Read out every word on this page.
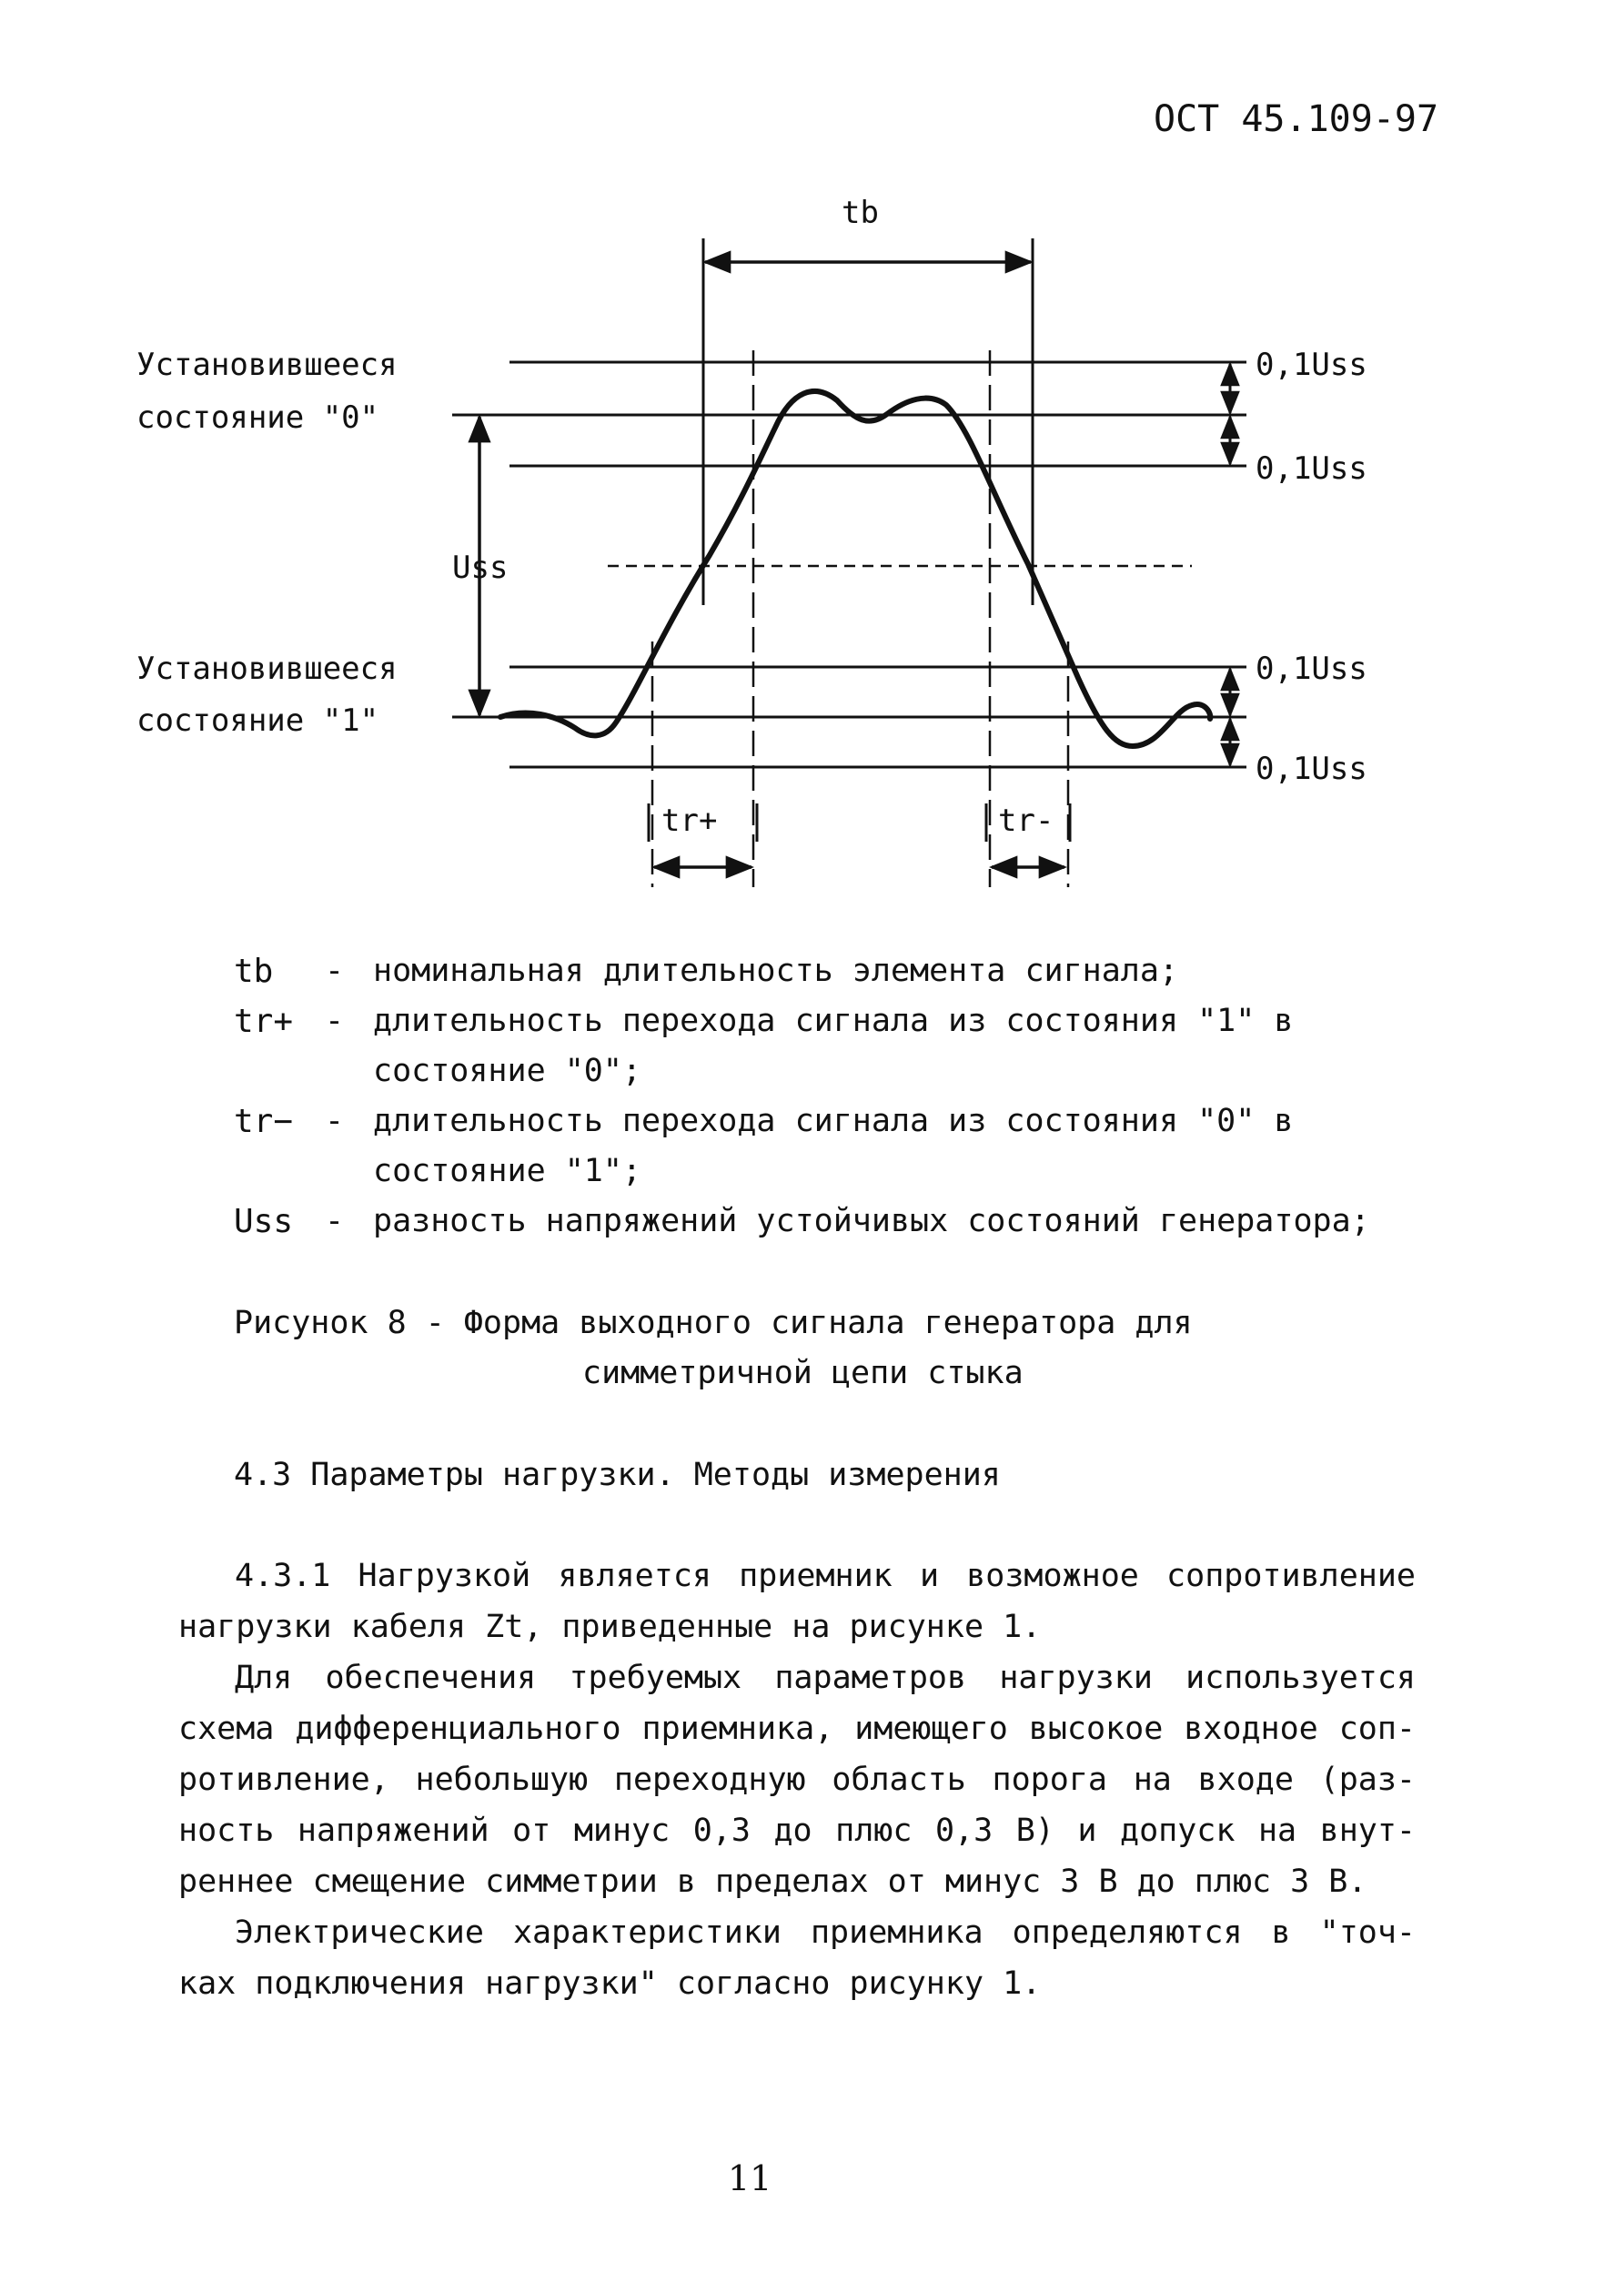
ОСТ 45.109-97
tb
Uss
0,1Uss
0,1Uss
0,1Uss
0,1Uss
Установившееся
состояние "0"
Установившееся
состояние "1"
tr+	tr-
tb - номинальная длительность элемента сигнала;
tr+ - длительность перехода сигнала из состояния "1" в
состояние "0";
tr− - длительность перехода сигнала из состояния "0" в
состояние "1";
Uss - разность напряжений устойчивых состояний генератора;
Рисунок 8 - Форма выходного сигнала генератора для
симметричной цепи стыка
4.3 Параметры нагрузки. Методы измерения
4.3.1 Нагрузкой является приемник и возможное сопротивление
нагрузки кабеля Zt, приведенные на рисунке 1.
Для обеспечения требуемых параметров нагрузки используется
схема дифференциального приемника, имеющего высокое входное соп-
ротивление, небольшую переходную область порога на входе (раз-
ность напряжений от минус 0,3 до плюс 0,3 В) и допуск на внут-
реннее смещение симметрии в пределах от минус 3 В до плюс 3 В.
Электрические характеристики приемника определяются в "точ-
ках подключения нагрузки" согласно рисунку 1.
11
